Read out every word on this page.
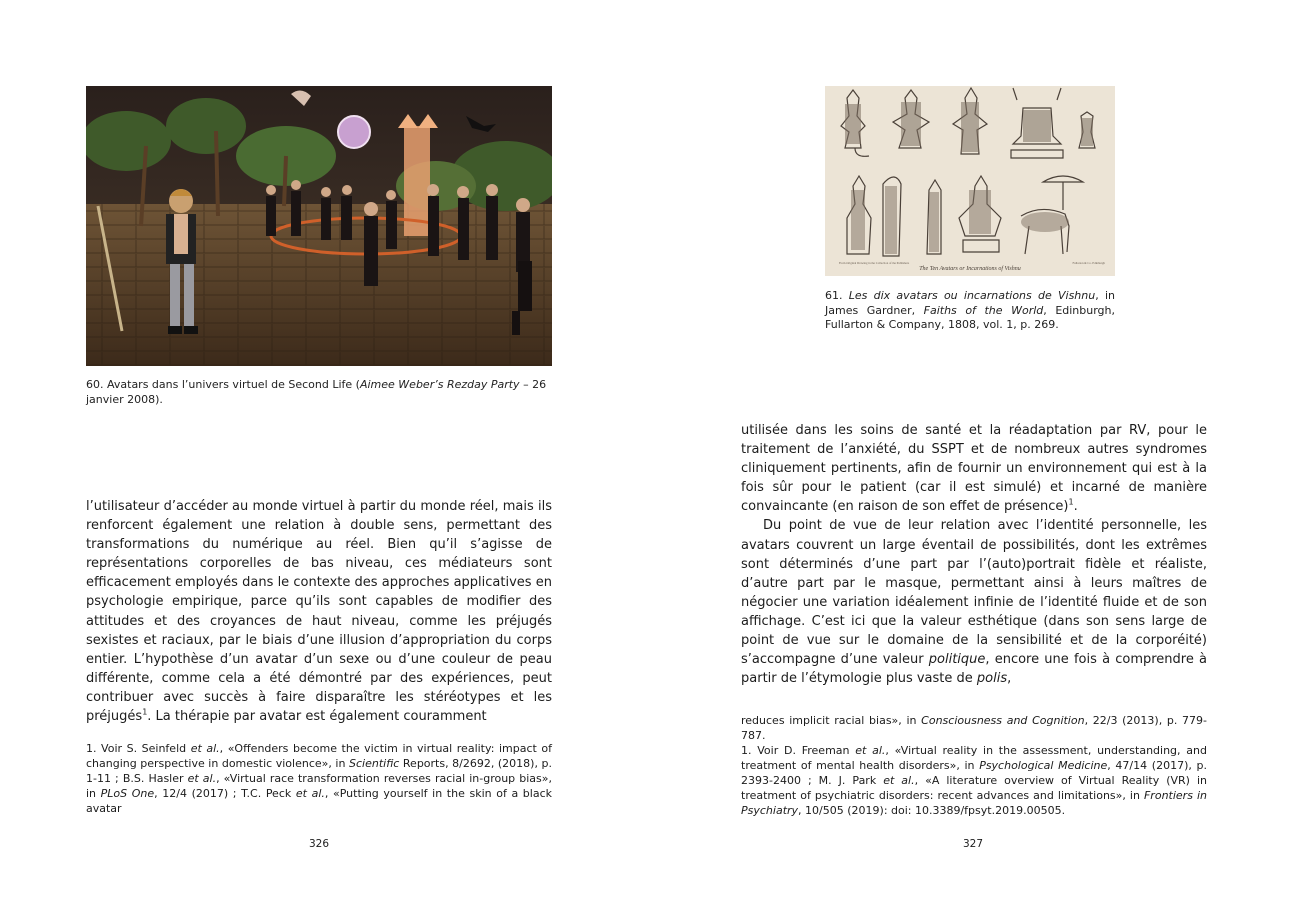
60. Avatars dans l’univers virtuel de Second Life (Aimee Weber’s Rezday Party – 26 janvier 2008).

l’utilisateur d’accéder au monde virtuel à partir du monde réel, mais ils renforcent également une relation à double sens, permettant des transformations du numérique au réel. Bien qu’il s’agisse de représentations corporelles de bas niveau, ces médiateurs sont efficacement employés dans le contexte des approches applicatives en psychologie empirique, parce qu’ils sont capables de modifier des attitudes et des croyances de haut niveau, comme les préjugés sexistes et raciaux, par le biais d’une illusion d’appropriation du corps entier. L’hypothèse d’un avatar d’un sexe ou d’une couleur de peau différente, comme cela a été démontré par des expériences, peut contribuer avec succès à faire disparaître les stéréotypes et les préjugés$^1$. La thérapie par avatar est également couramment

1. Voir S. Seinfeld et al., «Offenders become the victim in virtual reality: impact of changing perspective in domestic violence», in Scientific Reports, 8/2692, (2018), p. 1-11 ; B.S. Hasler et al., «Virtual race transformation reverses racial in-group bias», in PLoS One, 12/4 (2017) ; T.C. Peck et al., «Putting yourself in the skin of a black avatar

326
The Ten Avatars or Incarnations of Vishnu
From Original Drawing in the Collection of the Publishers	Fullarton & Co. Edinburgh
61. Les dix avatars ou incarnations de Vishnu, in James Gardner, Faiths of the World, Edinburgh, Fullarton & Company, 1808, vol. 1, p. 269.

utilisée dans les soins de santé et la réadaptation par RV, pour le traitement de l’anxiété, du SSPT et de nombreux autres syndromes cliniquement pertinents, afin de fournir un environnement qui est à la fois sûr pour le patient (car il est simulé) et incarné de manière convaincante (en raison de son effet de présence)$^1$.

Du point de vue de leur relation avec l’identité personnelle, les avatars couvrent un large éventail de possibilités, dont les extrêmes sont déterminés d’une part par l’(auto)portrait fidèle et réaliste, d’autre part par le masque, permettant ainsi à leurs maîtres de négocier une variation idéalement infinie de l’identité fluide et de son affichage. C’est ici que la valeur esthétique (dans son sens large de point de vue sur le domaine de la sensibilité et de la corporéité) s’accompagne d’une valeur politique, encore une fois à comprendre à partir de l’étymologie plus vaste de polis,

reduces implicit racial bias», in Consciousness and Cognition, 22/3 (2013), p. 779-787.

1. Voir D. Freeman et al., «Virtual reality in the assessment, understanding, and treatment of mental health disorders», in Psychological Medicine, 47/14 (2017), p. 2393-2400 ; M. J. Park et al., «A literature overview of Virtual Reality (VR) in treatment of psychiatric disorders: recent advances and limitations», in Frontiers in Psychiatry, 10/505 (2019): doi: 10.3389/fpsyt.2019.00505.

327
